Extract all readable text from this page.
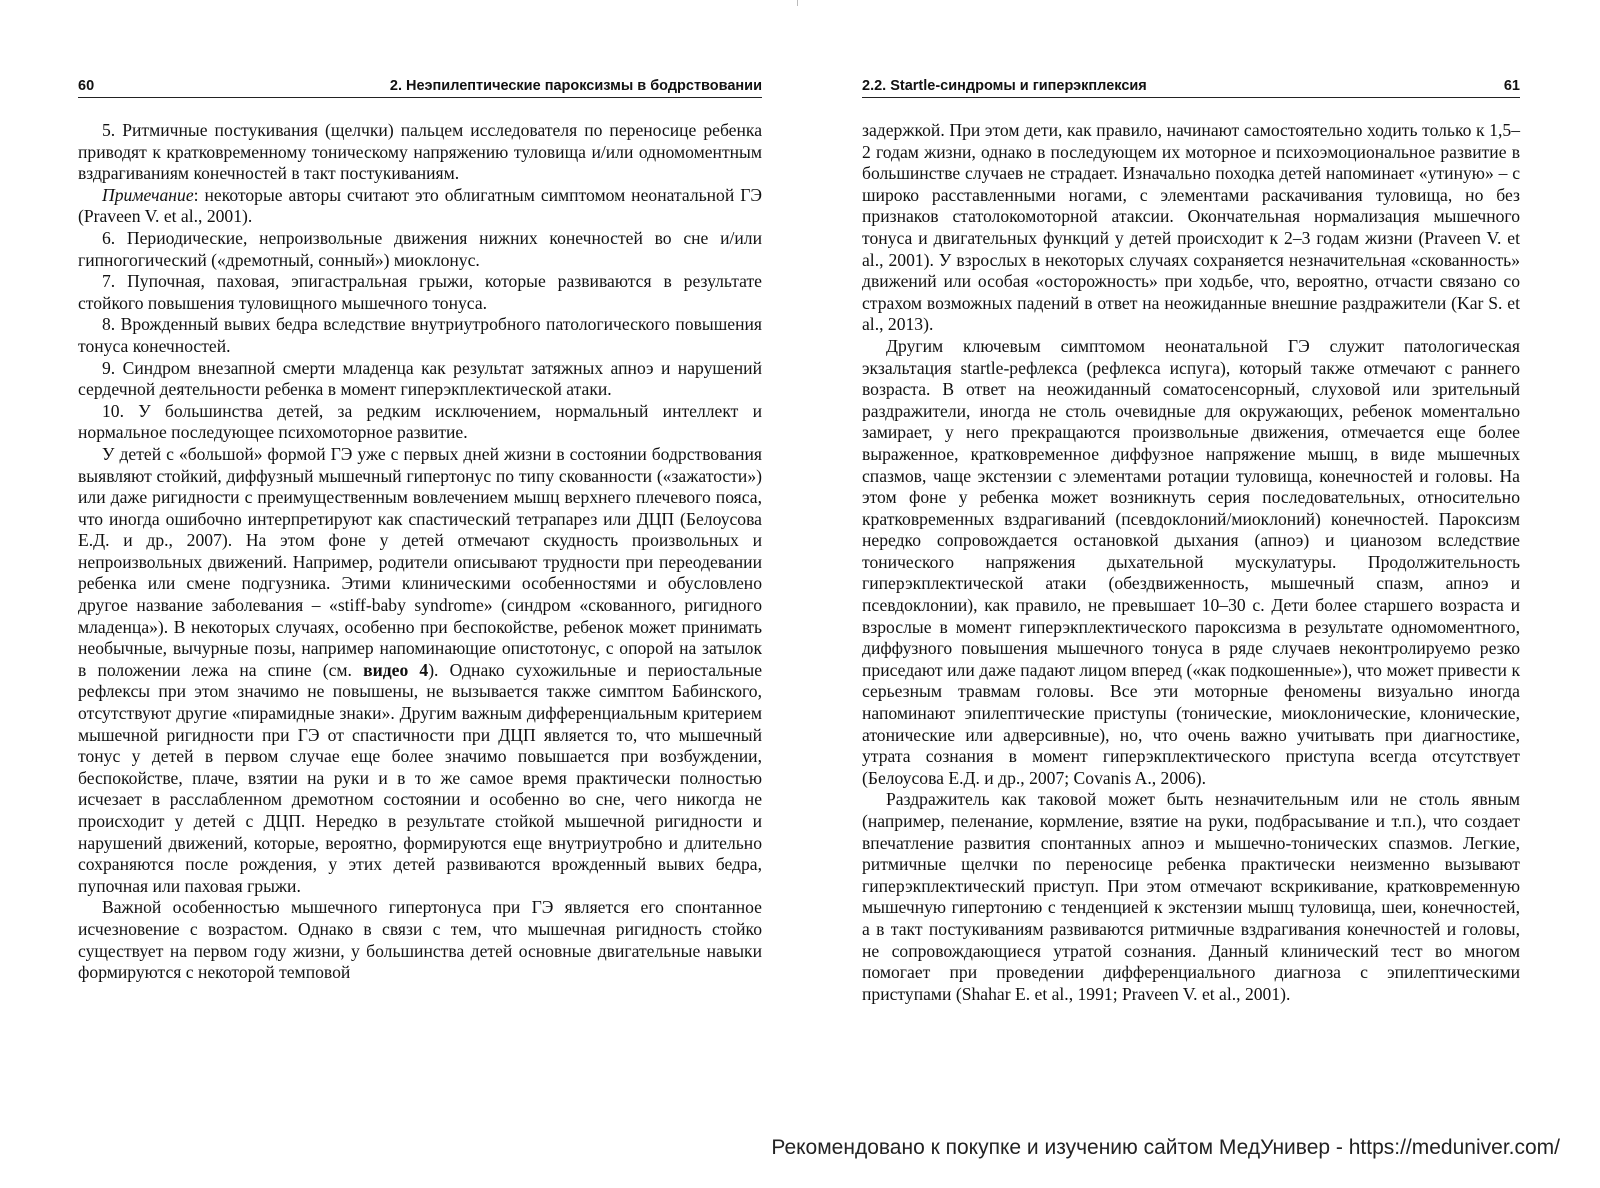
60	2. Неэпилептические пароксизмы в бодрствовании

5. Ритмичные постукивания (щелчки) пальцем исследователя по переносице ребенка приводят к кратковременному тоническому напряжению туловища и/или одномоментным вздрагиваниям конечностей в такт постукиваниям.

Примечание: некоторые авторы считают это облигатным симптомом неонатальной ГЭ (Praveen V. et al., 2001).

6. Периодические, непроизвольные движения нижних конечностей во сне и/или гипногогический («дремотный, сонный») миоклонус.

7. Пупочная, паховая, эпигастральная грыжи, которые развиваются в результате стойкого повышения туловищного мышечного тонуса.

8. Врожденный вывих бедра вследствие внутриутробного патологического повышения тонуса конечностей.

9. Синдром внезапной смерти младенца как результат затяжных апноэ и нарушений сердечной деятельности ребенка в момент гиперэкплектической атаки.

10. У большинства детей, за редким исключением, нормальный интеллект и нормальное последующее психомоторное развитие.

У детей с «большой» формой ГЭ уже с первых дней жизни в состоянии бодрствования выявляют стойкий, диффузный мышечный гипертонус по типу скованности («зажатости») или даже ригидности с преимущественным вовлечением мышц верхнего плечевого пояса, что иногда ошибочно интерпретируют как спастический тетрапарез или ДЦП (Белоусова Е.Д. и др., 2007). На этом фоне у детей отмечают скудность произвольных и непроизвольных движений. Например, родители описывают трудности при переодевании ребенка или смене подгузника. Этими клиническими особенностями и обусловлено другое название заболевания – «stiff-baby syndrome» (синдром «скованного, ригидного младенца»). В некоторых случаях, особенно при беспокойстве, ребенок может принимать необычные, вычурные позы, например напоминающие опистотонус, с опорой на затылок в положении лежа на спине (см. видео 4). Однако сухожильные и периостальные рефлексы при этом значимо не повышены, не вызывается также симптом Бабинского, отсутствуют другие «пирамидные знаки». Другим важным дифференциальным критерием мышечной ригидности при ГЭ от спастичности при ДЦП является то, что мышечный тонус у детей в первом случае еще более значимо повышается при возбуждении, беспокойстве, плаче, взятии на руки и в то же самое время практически полностью исчезает в расслабленном дремотном состоянии и особенно во сне, чего никогда не происходит у детей с ДЦП. Нередко в результате стойкой мышечной ригидности и нарушений движений, которые, вероятно, формируются еще внутриутробно и длительно сохраняются после рождения, у этих детей развиваются врожденный вывих бедра, пупочная или паховая грыжи.

Важной особенностью мышечного гипертонуса при ГЭ является его спонтанное исчезновение с возрастом. Однако в связи с тем, что мышечная ригидность стойко существует на первом году жизни, у большинства детей основные двигательные навыки формируются с некоторой темповой

2.2. Startle-синдромы и гиперэкплексия	61

задержкой. При этом дети, как правило, начинают самостоятельно ходить только к 1,5–2 годам жизни, однако в последующем их моторное и психоэмоциональное развитие в большинстве случаев не страдает. Изначально походка детей напоминает «утиную» – с широко расставленными ногами, с элементами раскачивания туловища, но без признаков статолокомоторной атаксии. Окончательная нормализация мышечного тонуса и двигательных функций у детей происходит к 2–3 годам жизни (Praveen V. et al., 2001). У взрослых в некоторых случаях сохраняется незначительная «скованность» движений или особая «осторожность» при ходьбе, что, вероятно, отчасти связано со страхом возможных падений в ответ на неожиданные внешние раздражители (Kar S. et al., 2013).

Другим ключевым симптомом неонатальной ГЭ служит патологическая экзальтация startle-рефлекса (рефлекса испуга), который также отмечают с раннего возраста. В ответ на неожиданный соматосенсорный, слуховой или зрительный раздражители, иногда не столь очевидные для окружающих, ребенок моментально замирает, у него прекращаются произвольные движения, отмечается еще более выраженное, кратковременное диффузное напряжение мышц, в виде мышечных спазмов, чаще экстензии с элементами ротации туловища, конечностей и головы. На этом фоне у ребенка может возникнуть серия последовательных, относительно кратковременных вздрагиваний (псевдоклоний/миоклоний) конечностей. Пароксизм нередко сопровождается остановкой дыхания (апноэ) и цианозом вследствие тонического напряжения дыхательной мускулатуры. Продолжительность гиперэкплектической атаки (обездвиженность, мышечный спазм, апноэ и псевдоклонии), как правило, не превышает 10–30 с. Дети более старшего возраста и взрослые в момент гиперэкплектического пароксизма в результате одномоментного, диффузного повышения мышечного тонуса в ряде случаев неконтролируемо резко приседают или даже падают лицом вперед («как подкошенные»), что может привести к серьезным травмам головы. Все эти моторные феномены визуально иногда напоминают эпилептические приступы (тонические, миоклонические, клонические, атонические или адверсивные), но, что очень важно учитывать при диагностике, утрата сознания в момент гиперэкплектического приступа всегда отсутствует (Белоусова Е.Д. и др., 2007; Covanis A., 2006).

Раздражитель как таковой может быть незначительным или не столь явным (например, пеленание, кормление, взятие на руки, подбрасывание и т.п.), что создает впечатление развития спонтанных апноэ и мышечно-тонических спазмов. Легкие, ритмичные щелчки по переносице ребенка практически неизменно вызывают гиперэкплектический приступ. При этом отмечают вскрикивание, кратковременную мышечную гипертонию с тенденцией к экстензии мышц туловища, шеи, конечностей, а в такт постукиваниям развиваются ритмичные вздрагивания конечностей и головы, не сопровождающиеся утратой сознания. Данный клинический тест во многом помогает при проведении дифференциального диагноза с эпилептическими приступами (Shahar E. et al., 1991; Praveen V. et al., 2001).

Рекомендовано к покупке и изучению сайтом МедУнивер - https://meduniver.com/
